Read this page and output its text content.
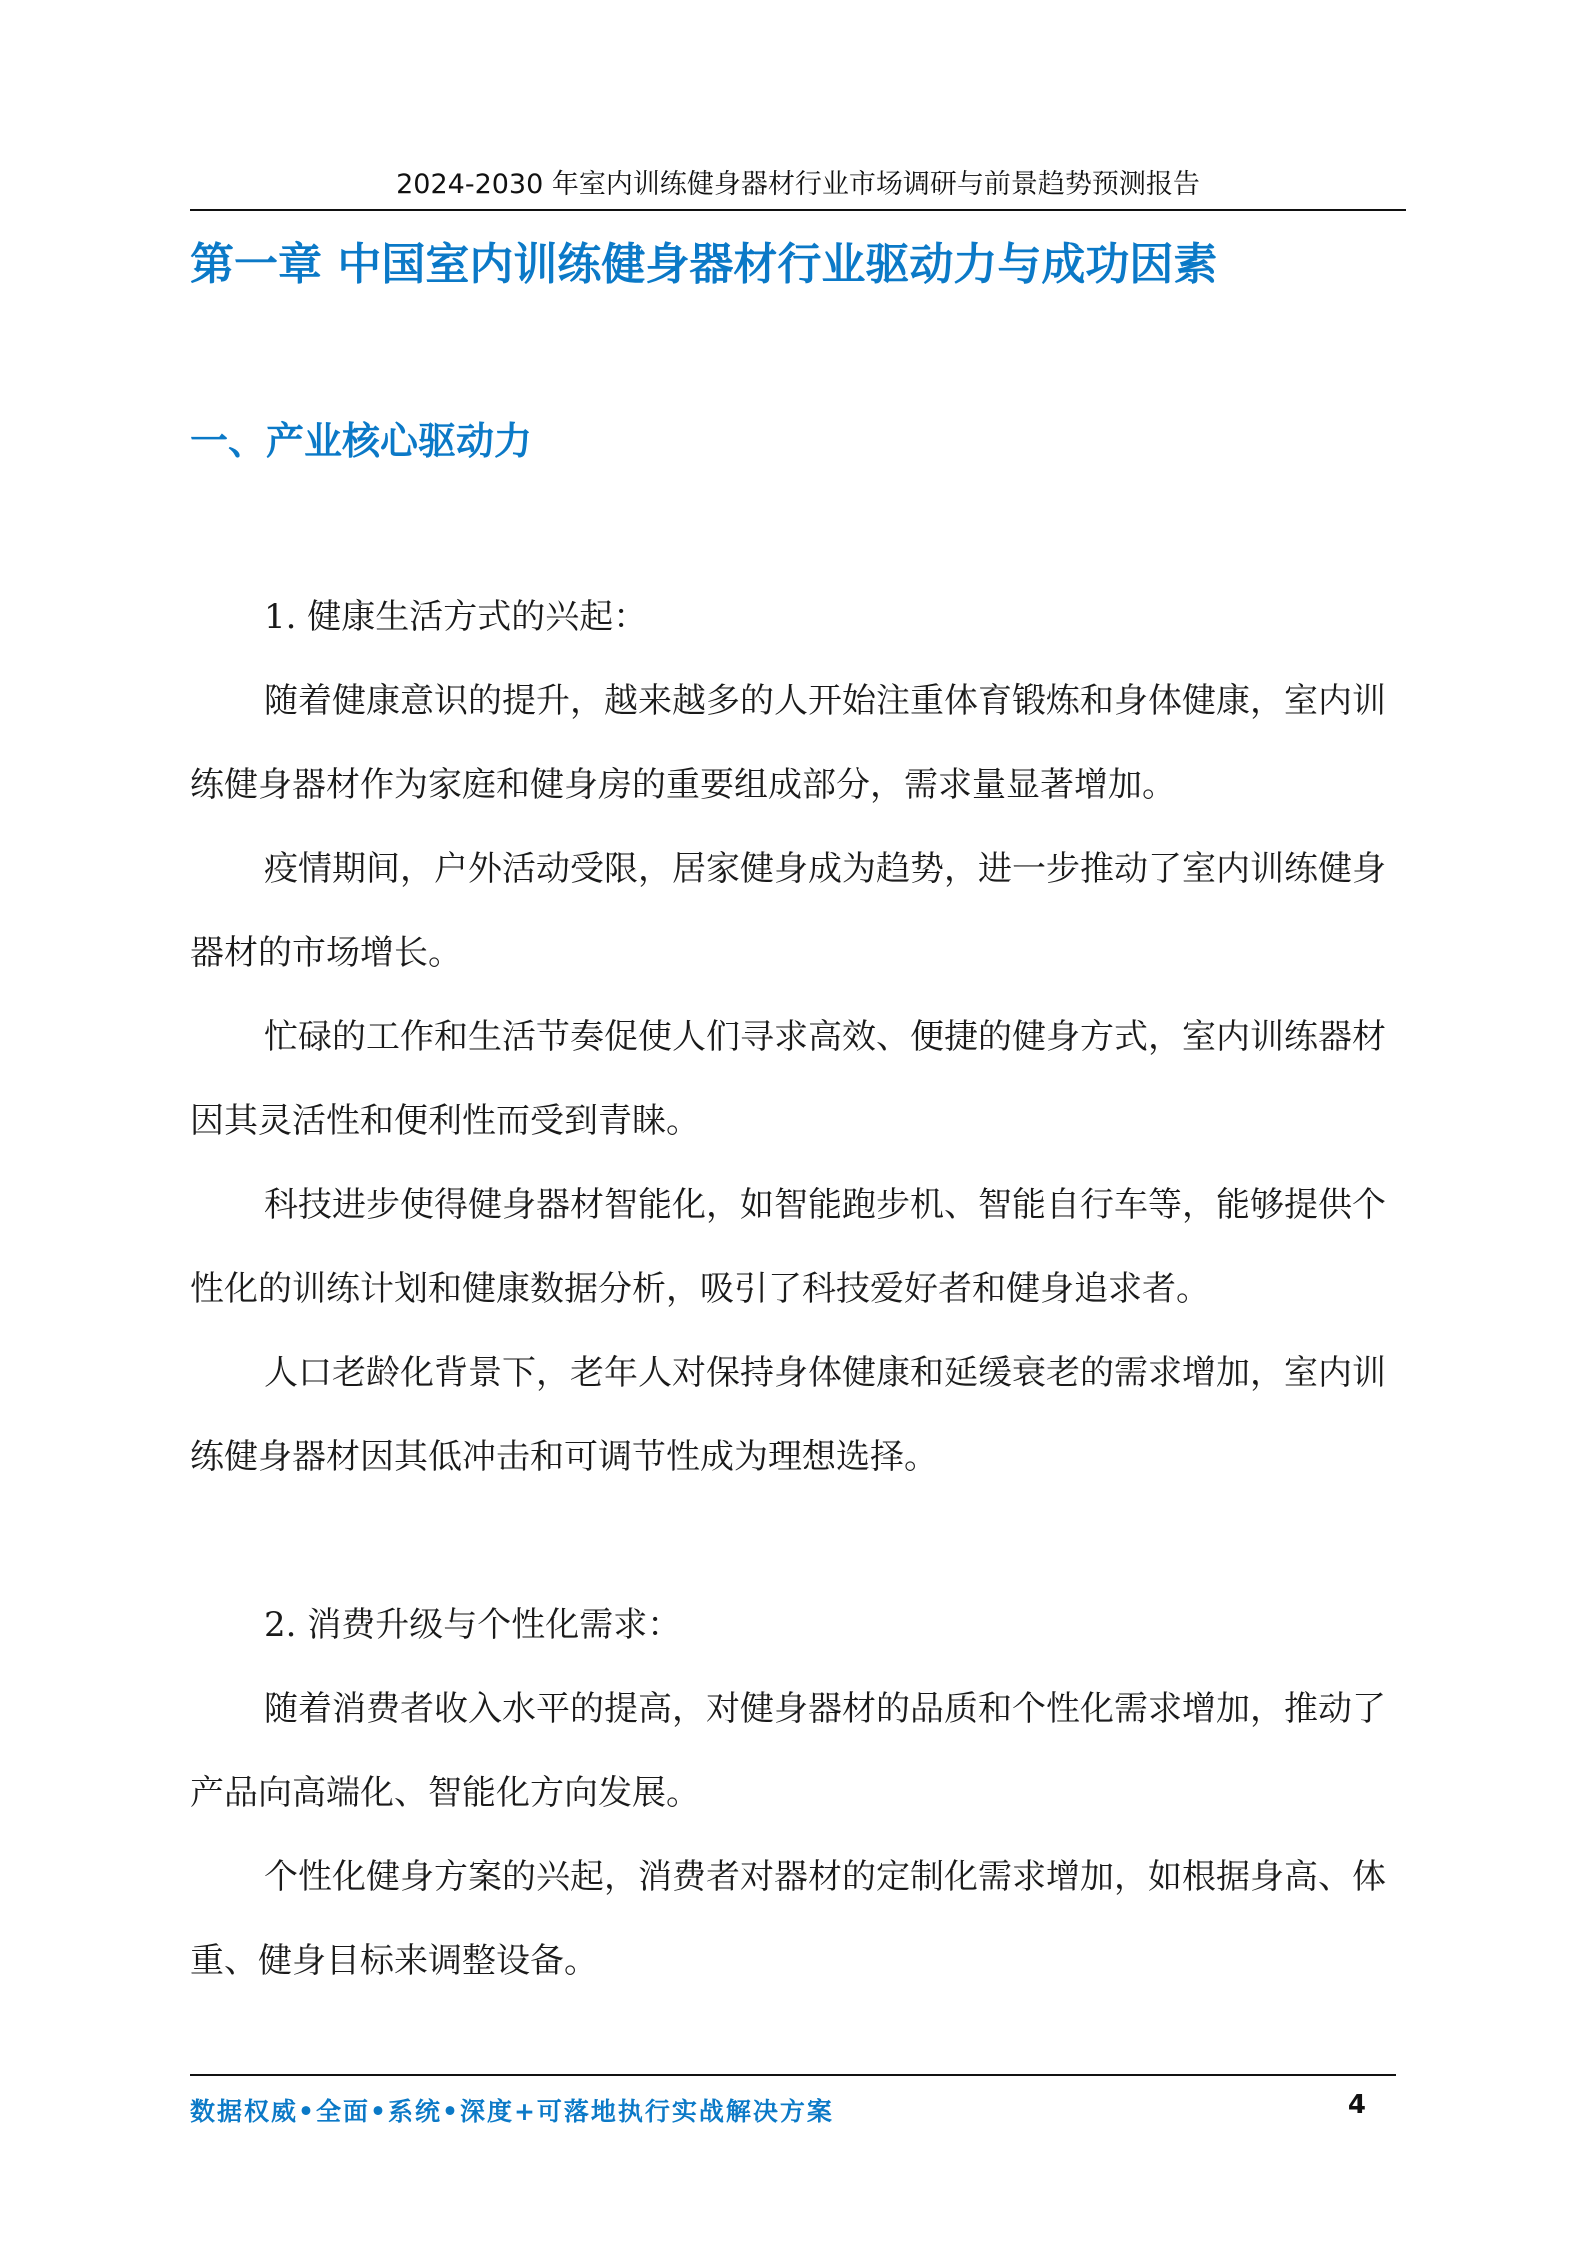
2024-2030 年室内训练健身器材行业市场调研与前景趋势预测报告
第一章 中国室内训练健身器材行业驱动力与成功因素
一、产业核心驱动力

1. 健康生活方式的兴起：

随着健康意识的提升，越来越多的人开始注重体育锻炼和身体健康，室内训练健身器材作为家庭和健身房的重要组成部分，需求量显著增加。

疫情期间，户外活动受限，居家健身成为趋势，进一步推动了室内训练健身器材的市场增长。

忙碌的工作和生活节奏促使人们寻求高效、便捷的健身方式，室内训练器材因其灵活性和便利性而受到青睐。

科技进步使得健身器材智能化，如智能跑步机、智能自行车等，能够提供个性化的训练计划和健康数据分析，吸引了科技爱好者和健身追求者。

人口老龄化背景下，老年人对保持身体健康和延缓衰老的需求增加，室内训练健身器材因其低冲击和可调节性成为理想选择。

2. 消费升级与个性化需求：

随着消费者收入水平的提高，对健身器材的品质和个性化需求增加，推动了产品向高端化、智能化方向发展。

个性化健身方案的兴起，消费者对器材的定制化需求增加，如根据身高、体重、健身目标来调整设备。

数据权威•全面•系统•深度+可落地执行实战解决方案	4
